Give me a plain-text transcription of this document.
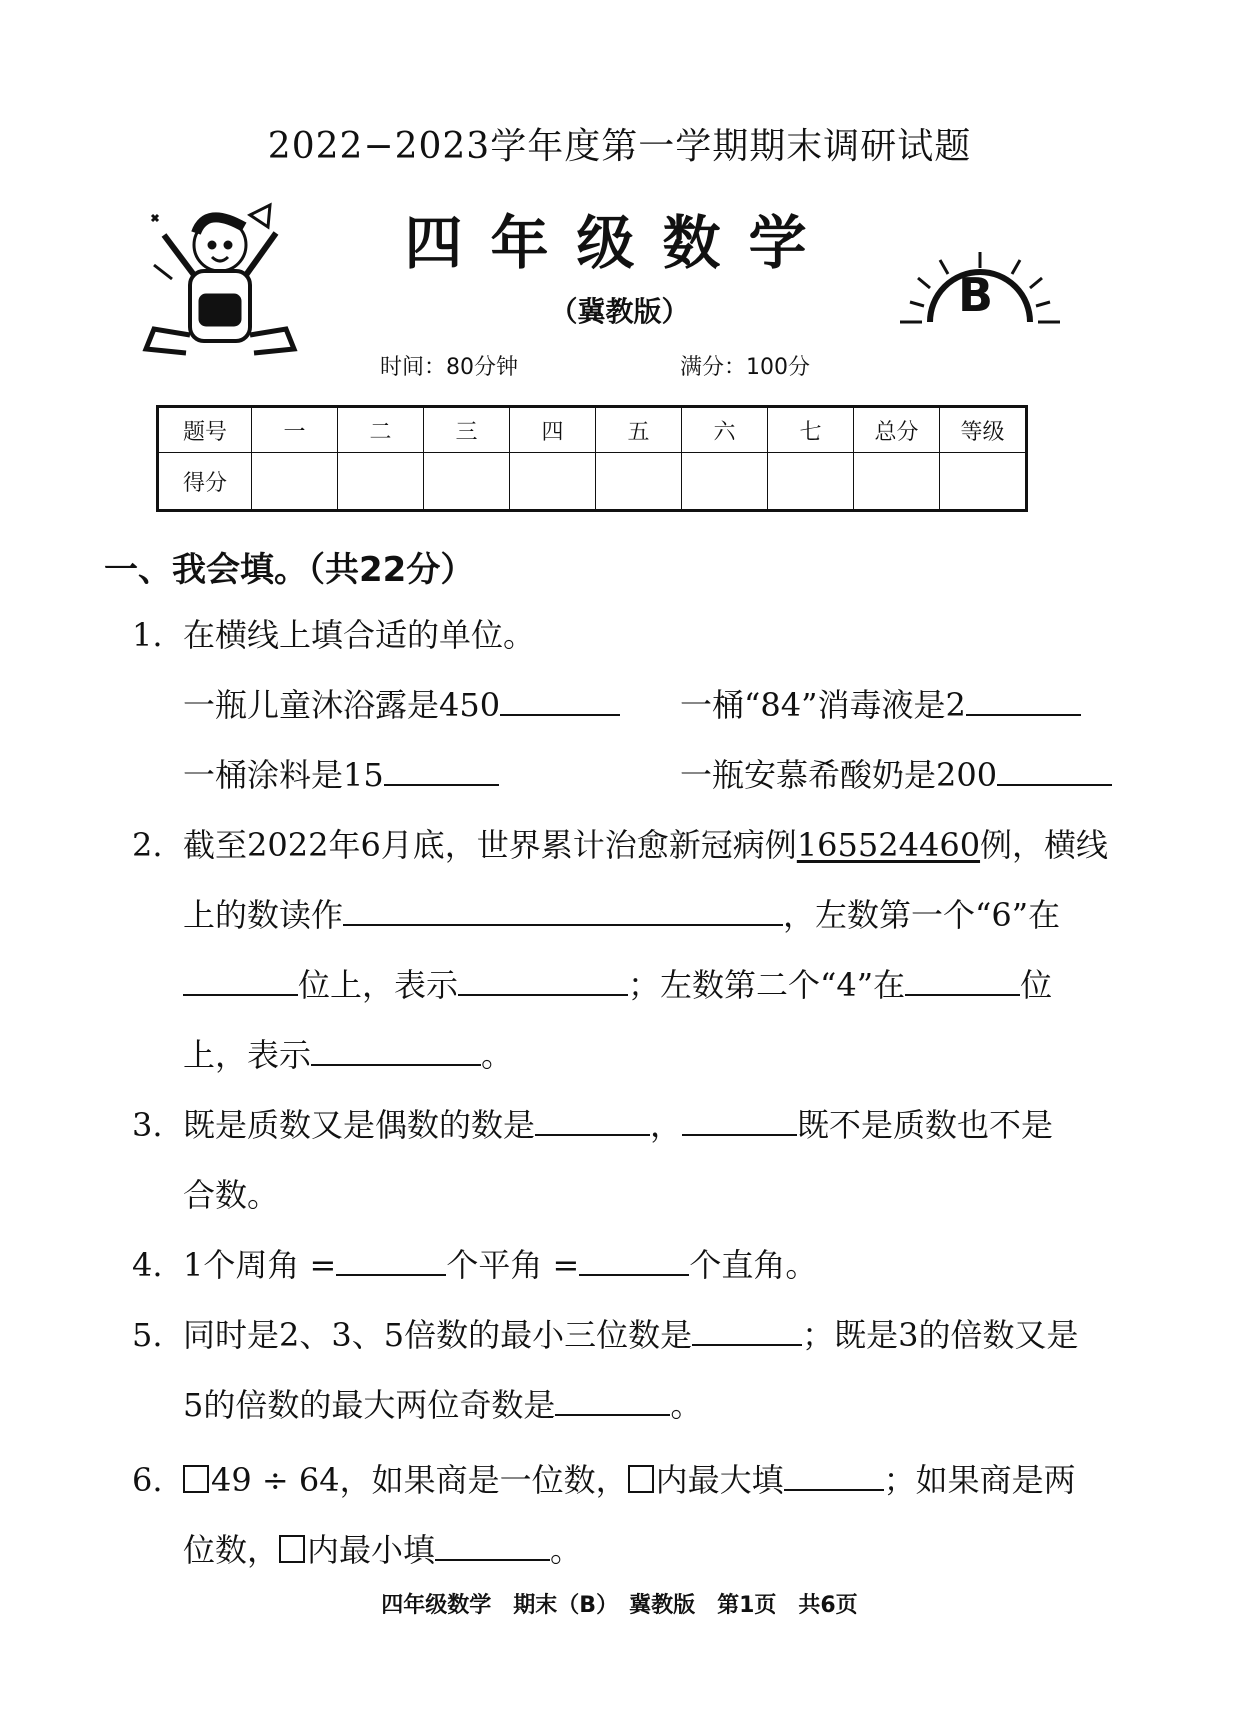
2022−2023学年度第一学期期末调研试题
四年级数学
（冀教版）	B
时间：80分钟	满分：100分
题号	一	二	三	四	五	六	七	总分	等级
得分									
一、我会填。（共22分）
1. 在横线上填合适的单位。
一瓶儿童沐浴露是450	一桶“84”消毒液是2
一桶涂料是15	一瓶安慕希酸奶是200
2. 截至2022年6月底，世界累计治愈新冠病例165524460例，横线
上的数读作	，左数第一个“6”在
位上，表示	；左数第二个“4”在	位
上，表示	。
3. 既是质数又是偶数的数是	，	既不是质数也不是
合数。
4. 1个周角 =	个平角 =	个直角。
5. 同时是2、3、5倍数的最小三位数是	；既是3的倍数又是
5的倍数的最大两位奇数是	。
6.	49 ÷ 64，如果商是一位数， 内最大填	；如果商是两
位数， 内最小填	。
四年级数学　期末（B）　冀教版　第1页　共6页
